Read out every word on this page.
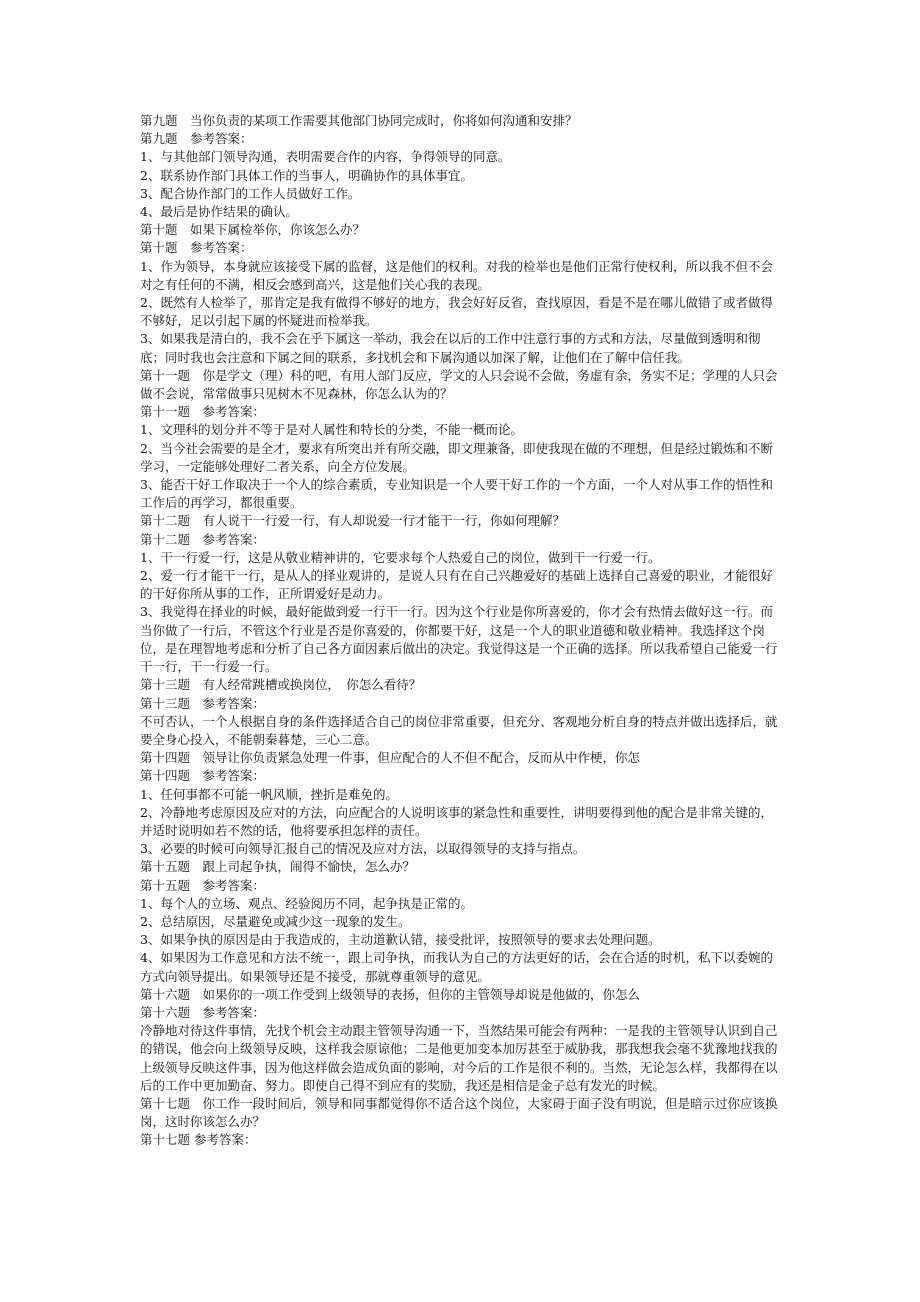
第九题　当你负责的某项工作需要其他部门协同完成时，你将如何沟通和安排？

第九题　参考答案：

1、与其他部门领导沟通，表明需要合作的内容，争得领导的同意。

2、联系协作部门具体工作的当事人，明确协作的具体事宜。

3、配合协作部门的工作人员做好工作。

4、最后是协作结果的确认。

第十题　如果下属检举你，你该怎么办？

第十题　参考答案：

1、作为领导，本身就应该接受下属的监督，这是他们的权利。对我的检举也是他们正常行使权利，所以我不但不会对之有任何的不满，相反会感到高兴，这是他们关心我的表现。

2、既然有人检举了，那肯定是我有做得不够好的地方，我会好好反省，查找原因，看是不是在哪儿做错了或者做得不够好，足以引起下属的怀疑进而检举我。

3、如果我是清白的，我不会在乎下属这一举动，我会在以后的工作中注意行事的方式和方法，尽量做到透明和彻底；同时我也会注意和下属之间的联系，多找机会和下属沟通以加深了解，让他们在了解中信任我。

第十一题　你是学文（理）科的吧，有用人部门反应，学文的人只会说不会做，务虚有余，务实不足；学理的人只会做不会说，常常做事只见树木不见森林，你怎么认为的？

第十一题　参考答案：

1、文理科的划分并不等于是对人属性和特长的分类，不能一概而论。

2、当今社会需要的是全才，要求有所突出并有所交融，即文理兼备，即使我现在做的不理想，但是经过锻炼和不断学习，一定能够处理好二者关系，向全方位发展。

3、能否干好工作取决于一个人的综合素质，专业知识是一个人要干好工作的一个方面，一个人对从事工作的悟性和工作后的再学习，都很重要。

第十二题　有人说干一行爱一行，有人却说爱一行才能干一行，你如何理解？

第十二题　参考答案：

1、干一行爱一行，这是从敬业精神讲的，它要求每个人热爱自己的岗位，做到干一行爱一行。

2、爱一行才能干一行，是从人的择业观讲的，是说人只有在自己兴趣爱好的基础上选择自己喜爱的职业，才能很好的干好你所从事的工作，正所谓爱好是动力。

3、我觉得在择业的时候，最好能做到爱一行干一行。因为这个行业是你所喜爱的，你才会有热情去做好这一行。而当你做了一行后，不管这个行业是否是你喜爱的，你都要干好，这是一个人的职业道德和敬业精神。我选择这个岗位，是在理智地考虑和分析了自己各方面因素后做出的决定。我觉得这是一个正确的选择。所以我希望自己能爱一行干一行，干一行爱一行。

第十三题　有人经常跳槽或换岗位，　你怎么看待？

第十三题　参考答案：

不可否认，一个人根据自身的条件选择适合自己的岗位非常重要，但充分、客观地分析自身的特点并做出选择后，就要全身心投入，不能朝秦暮楚，三心二意。

第十四题　领导让你负责紧急处理一件事，但应配合的人不但不配合，反而从中作梗，你怎

第十四题　参考答案：

1、任何事都不可能一帆风顺，挫折是难免的。

2、冷静地考虑原因及应对的方法，向应配合的人说明该事的紧急性和重要性，讲明要得到他的配合是非常关键的，并适时说明如若不然的话，他将要承担怎样的责任。

3、必要的时候可向领导汇报自己的情况及应对方法，以取得领导的支持与指点。

第十五题　跟上司起争执，闹得不愉快，怎么办？

第十五题　参考答案：

1、每个人的立场、观点、经验阅历不同，起争执是正常的。

2、总结原因，尽量避免或减少这一现象的发生。

3、如果争执的原因是由于我造成的，主动道歉认错，接受批评，按照领导的要求去处理问题。

4、如果因为工作意见和方法不统一，跟上司争执，而我认为自己的方法更好的话，会在合适的时机，私下以委婉的方式向领导提出。如果领导还是不接受，那就尊重领导的意见。

第十六题　如果你的一项工作受到上级领导的表扬，但你的主管领导却说是他做的，你怎么

第十六题　参考答案：

冷静地对待这件事情，先找个机会主动跟主管领导沟通一下，当然结果可能会有两种：一是我的主管领导认识到自己的错误，他会向上级领导反映，这样我会原谅他；二是他更加变本加厉甚至于威胁我，那我想我会毫不犹豫地找我的上级领导反映这件事，因为他这样做会造成负面的影响，对今后的工作是很不利的。当然，无论怎么样，我都得在以后的工作中更加勤奋、努力。即使自己得不到应有的奖励，我还是相信是金子总有发光的时候。

第十七题　你工作一段时间后，领导和同事都觉得你不适合这个岗位，大家碍于面子没有明说，但是暗示过你应该换岗，这时你该怎么办？

第十七题 参考答案：
